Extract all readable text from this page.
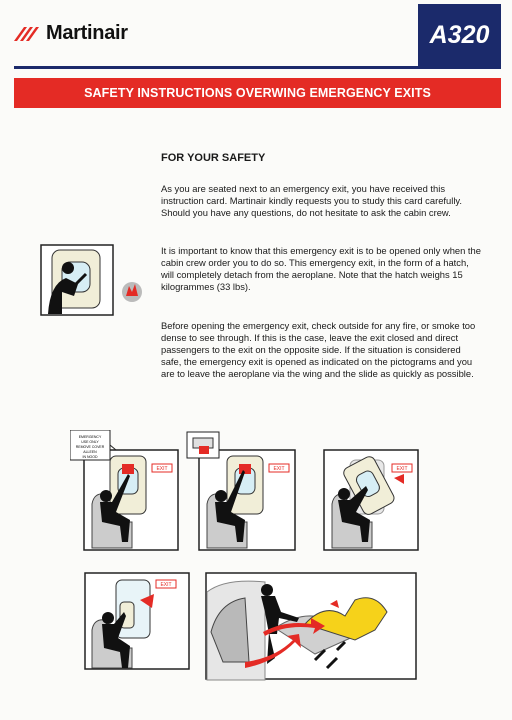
Martinair	A320
SAFETY INSTRUCTIONS OVERWING EMERGENCY EXITS
FOR YOUR SAFETY

As you are seated next to an emergency exit, you have received this instruction card. Martinair kindly requests you to study this card carefully. Should you have any questions, do not hesitate to ask the cabin crew.

It is important to know that this emergency exit is to be opened only when the cabin crew order you to do so. This emergency exit, in the form of a hatch, will completely detach from the aeroplane. Note that the hatch weighs 15 kilogrammes (33 lbs).

Before opening the emergency exit, check outside for any fire, or smoke too dense to see through. If this is the case, leave the exit closed and direct passengers to the exit on the opposite side. If the situation is considered safe, the emergency exit is opened as indicated on the pictograms and you are to leave the aeroplane via the wing and the slide as quickly as possible.

EMERGENCY
USE ONLY
REMOVE COVER
ALLEEN
IN NOOD
EXIT	EXIT	EXIT
EXIT
